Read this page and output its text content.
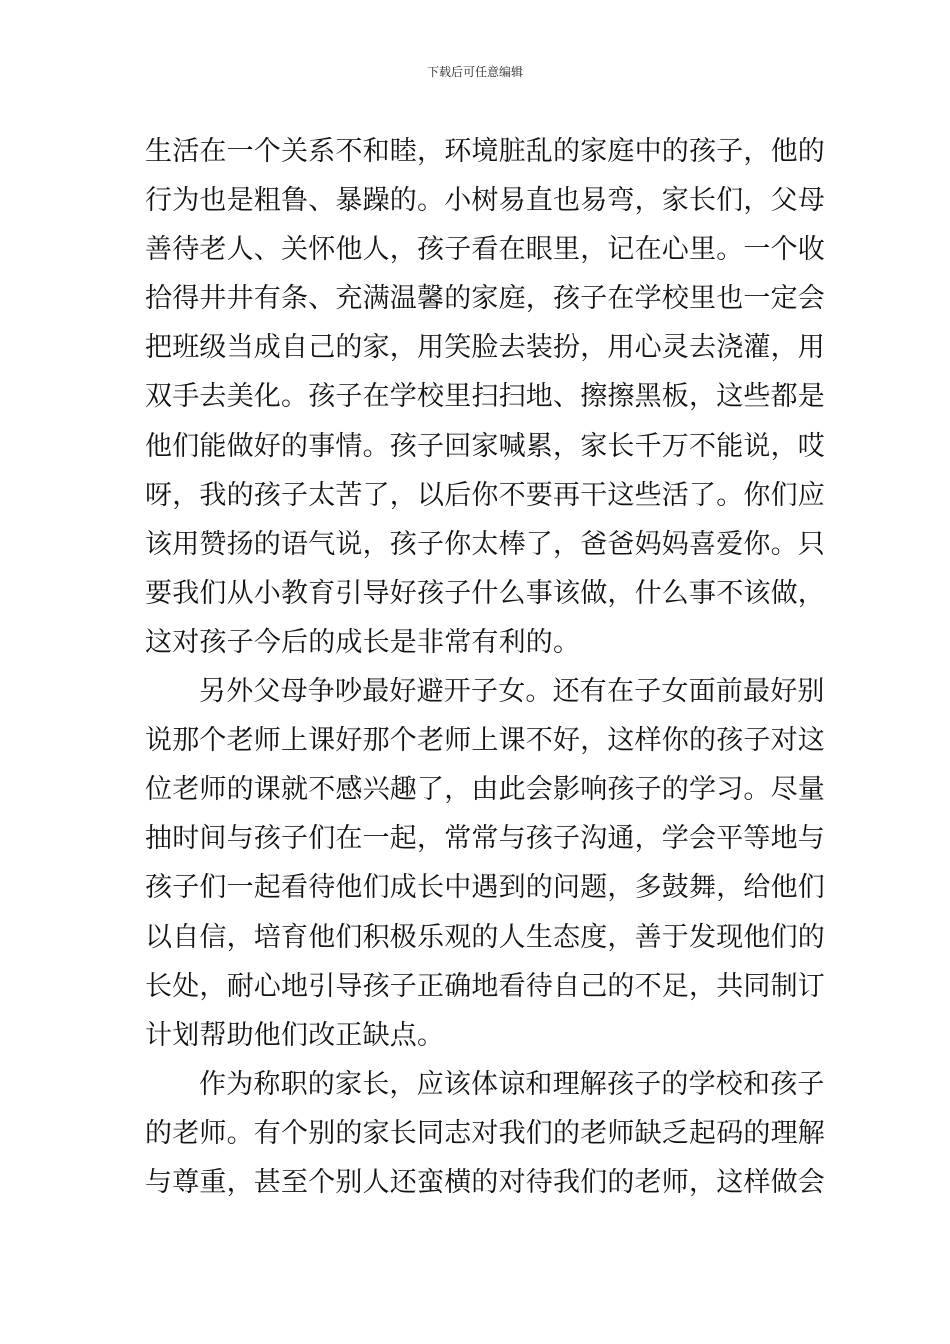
下载后可任意编辑
生活在一个关系不和睦，环境脏乱的家庭中的孩子，他的
行为也是粗鲁、暴躁的。小树易直也易弯，家长们，父母
善待老人、关怀他人，孩子看在眼里，记在心里。一个收
拾得井井有条、充满温馨的家庭，孩子在学校里也一定会
把班级当成自己的家，用笑脸去装扮，用心灵去浇灌，用
双手去美化。孩子在学校里扫扫地、擦擦黑板，这些都是
他们能做好的事情。孩子回家喊累，家长千万不能说，哎
呀，我的孩子太苦了，以后你不要再干这些活了。你们应
该用赞扬的语气说，孩子你太棒了，爸爸妈妈喜爱你。只
要我们从小教育引导好孩子什么事该做，什么事不该做，
这对孩子今后的成长是非常有利的。
另外父母争吵最好避开子女。还有在子女面前最好别
说那个老师上课好那个老师上课不好，这样你的孩子对这
位老师的课就不感兴趣了，由此会影响孩子的学习。尽量
抽时间与孩子们在一起，常常与孩子沟通，学会平等地与
孩子们一起看待他们成长中遇到的问题，多鼓舞，给他们
以自信，培育他们积极乐观的人生态度，善于发现他们的
长处，耐心地引导孩子正确地看待自己的不足，共同制订
计划帮助他们改正缺点。
作为称职的家长，应该体谅和理解孩子的学校和孩子
的老师。有个别的家长同志对我们的老师缺乏起码的理解
与尊重，甚至个别人还蛮横的对待我们的老师，这样做会
